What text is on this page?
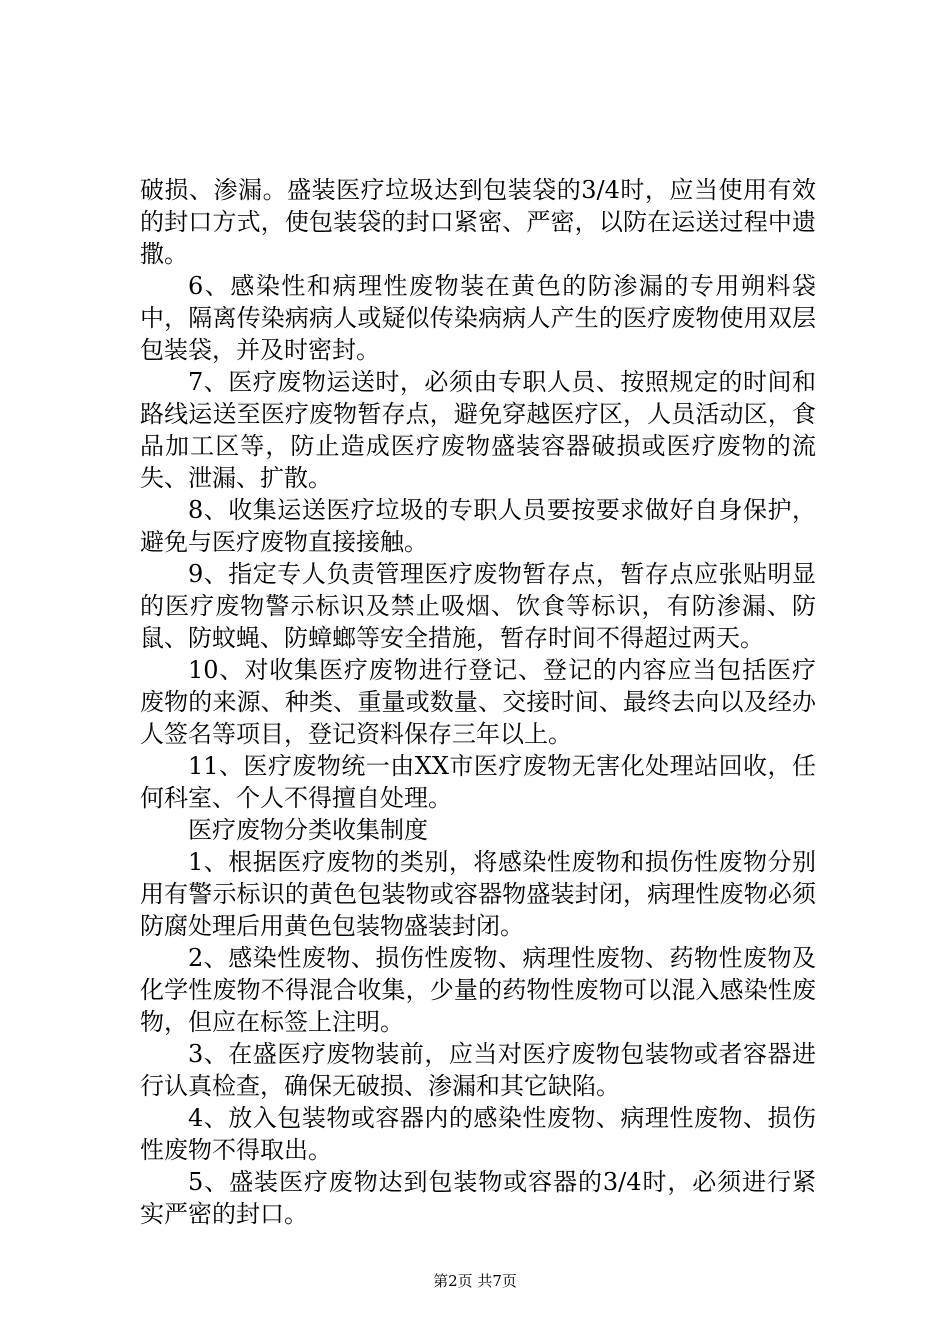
破损、渗漏。盛装医疗垃圾达到包装袋的3/4时，应当使用有效的封口方式，使包装袋的封口紧密、严密，以防在运送过程中遗撒。

6、感染性和病理性废物装在黄色的防渗漏的专用朔料袋中，隔离传染病病人或疑似传染病病人产生的医疗废物使用双层包装袋，并及时密封。

7、医疗废物运送时，必须由专职人员、按照规定的时间和路线运送至医疗废物暂存点，避免穿越医疗区，人员活动区，食品加工区等，防止造成医疗废物盛装容器破损或医疗废物的流失、泄漏、扩散。

8、收集运送医疗垃圾的专职人员要按要求做好自身保护，避免与医疗废物直接接触。

9、指定专人负责管理医疗废物暂存点，暂存点应张贴明显的医疗废物警示标识及禁止吸烟、饮食等标识，有防渗漏、防鼠、防蚊蝇、防蟑螂等安全措施，暂存时间不得超过两天。

10、对收集医疗废物进行登记、登记的内容应当包括医疗废物的来源、种类、重量或数量、交接时间、最终去向以及经办人签名等项目，登记资料保存三年以上。

11、医疗废物统一由XX市医疗废物无害化处理站回收，任何科室、个人不得擅自处理。

医疗废物分类收集制度

1、根据医疗废物的类别，将感染性废物和损伤性废物分别用有警示标识的黄色包装物或容器物盛装封闭，病理性废物必须防腐处理后用黄色包装物盛装封闭。

2、感染性废物、损伤性废物、病理性废物、药物性废物及化学性废物不得混合收集，少量的药物性废物可以混入感染性废物，但应在标签上注明。

3、在盛医疗废物装前，应当对医疗废物包装物或者容器进行认真检查，确保无破损、渗漏和其它缺陷。

4、放入包装物或容器内的感染性废物、病理性废物、损伤性废物不得取出。

5、盛装医疗废物达到包装物或容器的3/4时，必须进行紧实严密的封口。

第2页 共7页
